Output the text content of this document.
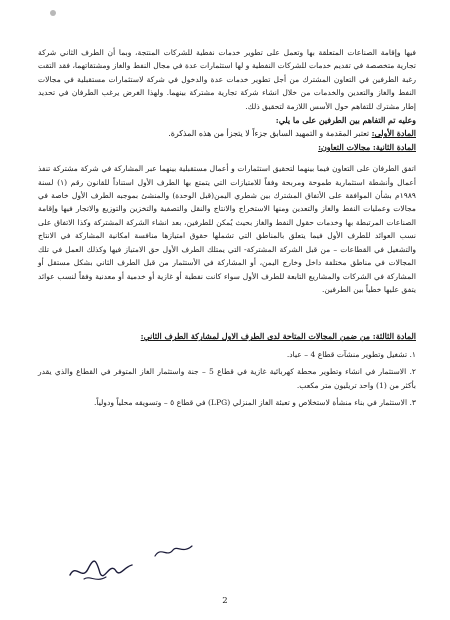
فيها وإقامة الصناعات المتعلقة بها وتعمل على تطوير خدمات نفطية للشركات المنتجة، وبما أن الطرف الثاني شركة تجارية متخصصة في تقديم خدمات للشركات النفطية و لها استثمارات عدة في مجال النفط والغاز ومشتقاتهما، فقد التقت رغبة الطرفين في التعاون المشترك من أجل تطوير خدمات عدة والدخول في شركة لاستثمارات مستقبلية في مجالات النفط والغاز والتعدين والخدمات من خلال انشاء شركة تجارية مشتركة بينهما. ولهذا الغرض يرغب الطرفان في تحديد إطار مشترك للتفاهم حول الأسس اللازمة لتحقيق ذلك.

وعليه تم التفاهم بين الطرفين على ما يلي:

المادة الأولى: تعتبر المقدمة و التمهيد السابق جزءاً لا يتجزأ من هذه المذكرة.

المادة الثانية: مجالات التعاون:

اتفق الطرفان على التعاون فيما بينهما لتحقيق استثمارات و أعمال مستقبلية بينهما عبر المشاركة في شركة مشتركة تنفذ أعمال وأنشطة استثمارية طموحة ومربحة وفقاً للامتيازات التي يتمتع بها الطرف الأول استناداً للقانون رقم (١) لسنة ١٩٨٩م بشأن الموافقة على الأتفاق المشترك بين شطري اليمن(قبل الوحدة) والمنشئ بموجبه الطرف الأول خاصة في مجالات وعمليات النفط والغاز والتعدين ومنها الاستخراج والانتاج والنقل والتصفية والتخزين والتوزيع والاتجار فيها وإقامة الصناعات المرتبطة بها وخدمات حقول النفط والغاز بحيث يُمكن للطرفين، بعد انشاء الشركة المشتركة وكذا الاتفاق على نسب العوائد للطرف الأول فيما يتعلق بالمناطق التي تشملها حقوق امتيازها منافسة امكانية المشاركة في الانتاج والتشغيل في القطاعات – من قبل الشركة المشتركة- التي يمتلك الطرف الأول حق الامتياز فيها وكذلك العمل في تلك المجالات في مناطق مختلفة داخل وخارج اليمن، أو المشاركة في الأستثمار من قبل الطرف الثاني بشكل مستقل أو المشاركة في الشركات والمشاريع التابعة للطرف الأول سواء كانت نفطية أو غازية أو خدمية أو معدنية وفقاً لنسب عوائد يتفق عليها خطياً بين الطرفين.

المادة الثالثة: من ضمن المجالات المتاحة لدى الطرف الاول لمشاركة الطرف الثاني:

١. تشغيل وتطوير منشآت قطاع 4 – عياد.
٢. الاستثمار في انشاء وتطوير محطة كهربائية غازية في قطاع 5 – جنة واستثمار الغاز المتوفر في القطاع والذي يقدر بأكثر من (1) واحد تريليون متر مكعب.
٣. الاستثمار في بناء منشأة لاستخلاص و تعبئة الغاز المنزلي (LPG) في قطاع ٥ – وتسويقه محلياً ودولياً.
2
